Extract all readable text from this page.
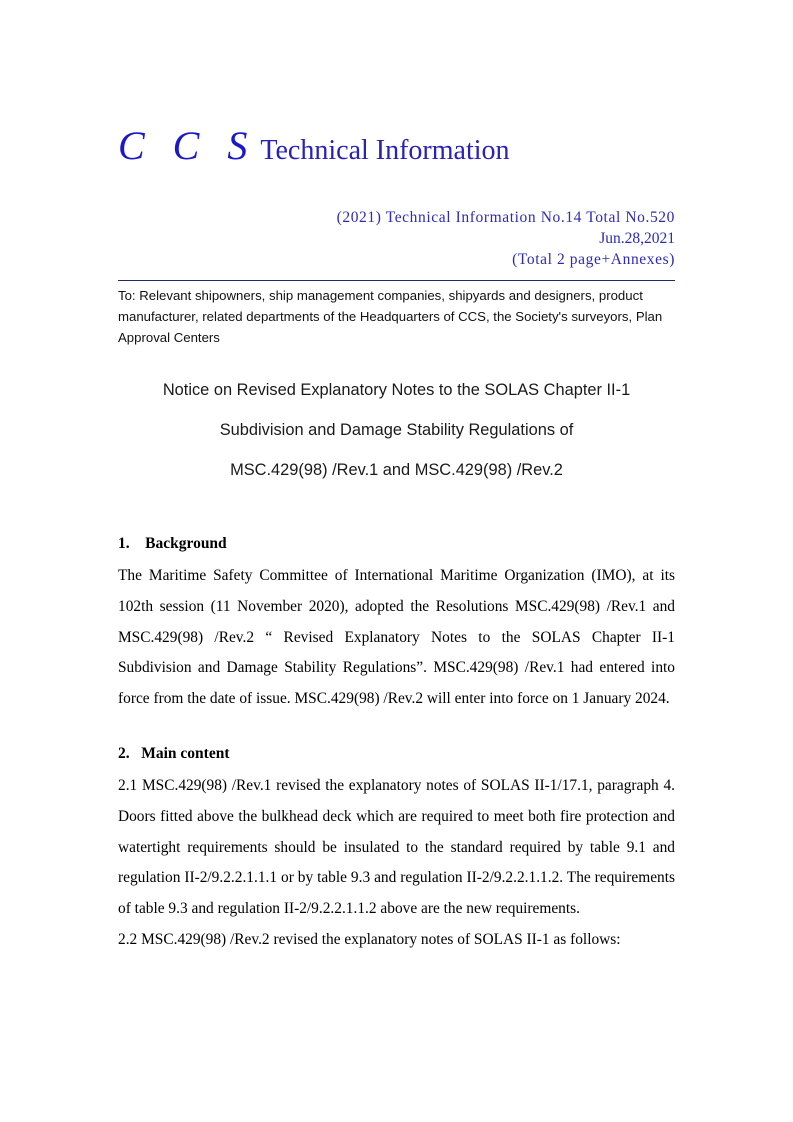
C C S Technical Information
(2021) Technical Information No.14 Total No.520
Jun.28,2021
(Total 2 page+Annexes)
To: Relevant shipowners, ship management companies, shipyards and designers, product manufacturer, related departments of the Headquarters of CCS, the Society's surveyors, Plan Approval Centers
Notice on Revised Explanatory Notes to the SOLAS Chapter II-1
Subdivision and Damage Stability Regulations of
MSC.429(98) /Rev.1 and MSC.429(98) /Rev.2
1.    Background

The Maritime Safety Committee of International Maritime Organization (IMO), at its 102th session (11 November 2020), adopted the Resolutions MSC.429(98) /Rev.1 and MSC.429(98) /Rev.2 “ Revised Explanatory Notes to the SOLAS Chapter II-1 Subdivision and Damage Stability Regulations”. MSC.429(98) /Rev.1 had entered into force from the date of issue. MSC.429(98) /Rev.2 will enter into force on 1 January 2024.

2.   Main content

2.1 MSC.429(98) /Rev.1 revised the explanatory notes of SOLAS II-1/17.1, paragraph 4. Doors fitted above the bulkhead deck which are required to meet both fire protection and watertight requirements should be insulated to the standard required by table 9.1 and regulation II-2/9.2.2.1.1.1 or by table 9.3 and regulation II-2/9.2.2.1.1.2. The requirements of table 9.3 and regulation II-2/9.2.2.1.1.2 above are the new requirements.

2.2 MSC.429(98) /Rev.2 revised the explanatory notes of SOLAS II-1 as follows:
